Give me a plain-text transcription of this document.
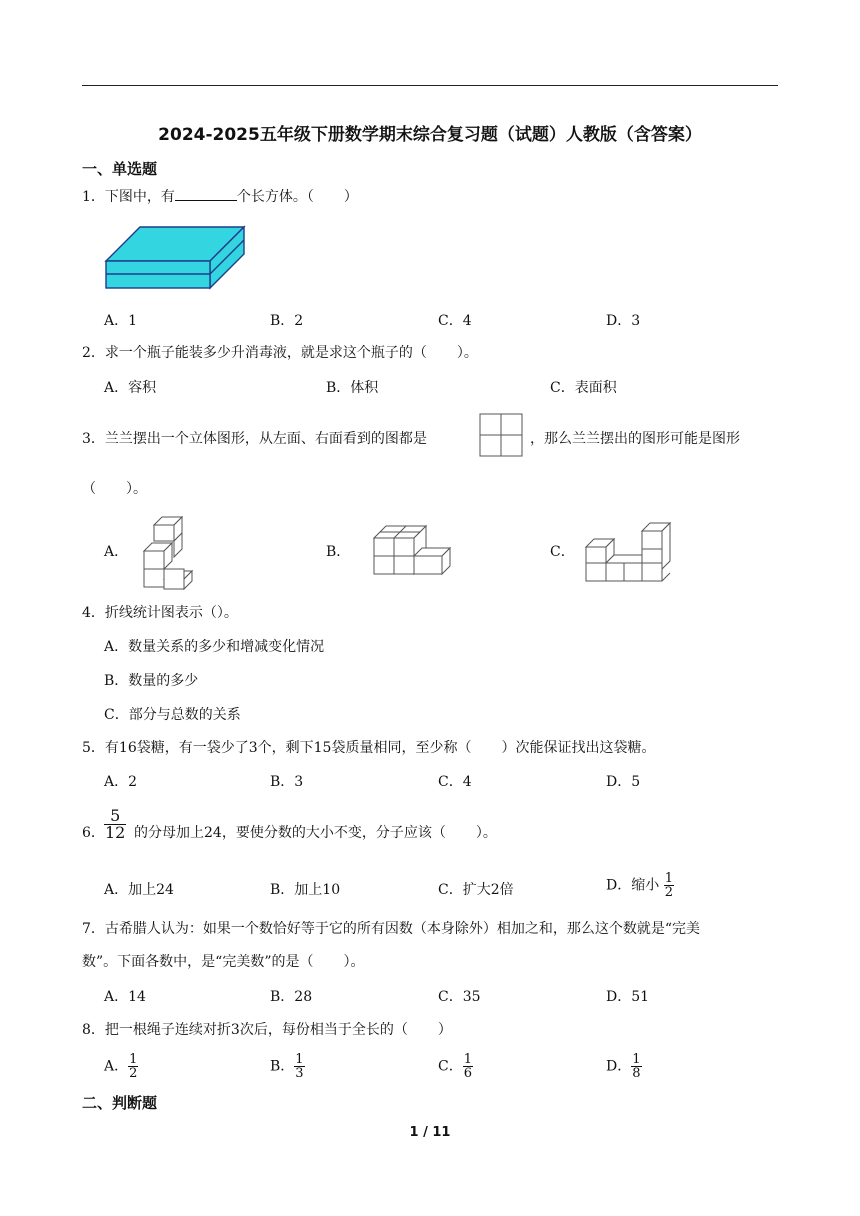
2024-2025五年级下册数学期末综合复习题（试题）人教版（含答案）
一、单选题
1．下图中，有	个长方体。（ ）
A．1	B．2	C．4	D．3
2．求一个瓶子能装多少升消毒液，就是求这个瓶子的（ ）。
A．容积	B．体积	C．表面积
3．兰兰摆出一个立体图形，从左面、右面看到的图都是	，那么兰兰摆出的图形可能是图形
（ ）。
A．	B．	C．
4．折线统计图表示（）。
A．数量关系的多少和增减变化情况
B．数量的多少
C．部分与总数的关系
5．有16袋糖，有一袋少了3个，剩下15袋质量相同，至少称（ ）次能保证找出这袋糖。
A．2	B．3	C．4	D．5
6． $\frac{5}{12}$ 的分母加上24，要使分数的大小不变，分子应该（ ）。
A．加上24	B．加上10	C．扩大2倍	D．缩小 $\frac{1}{2}$
7．古希腊人认为：如果一个数恰好等于它的所有因数（本身除外）相加之和，那么这个数就是“完美
数”。下面各数中，是“完美数”的是（ ）。
A．14	B．28	C．35	D．51
8．把一根绳子连续对折3次后，每份相当于全长的（ ）
A． $\frac{1}{2}$	B． $\frac{1}{3}$	C． $\frac{1}{6}$	D． $\frac{1}{8}$
二、判断题
1 / 11
